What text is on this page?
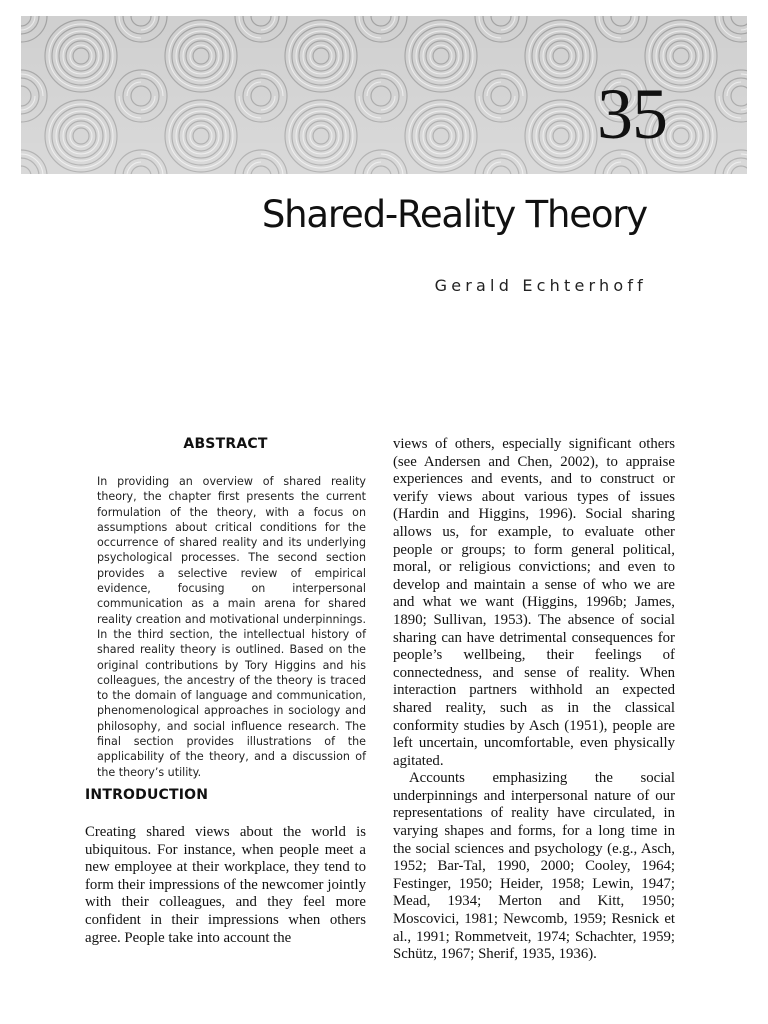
35
Shared-Reality Theory
Gerald Echterhoff
ABSTRACT

In providing an overview of shared reality theory, the chapter first presents the current formulation of the theory, with a focus on assumptions about critical conditions for the occurrence of shared reality and its underlying psychological processes. The second section provides a selective review of empirical evidence, focusing on interpersonal communication as a main arena for shared reality creation and motivational underpinnings. In the third section, the intellectual history of shared reality theory is outlined. Based on the original contributions by Tory Higgins and his colleagues, the ancestry of the theory is traced to the domain of language and communication, phenomenological approaches in sociology and philosophy, and social influence research. The final section provides illustrations of the applicability of the theory, and a discussion of the theory’s utility.

INTRODUCTION

Creating shared views about the world is ubiquitous. For instance, when people meet a new employee at their workplace, they tend to form their impressions of the newcomer jointly with their colleagues, and they feel more confident in their impressions when others agree. People take into account the

views of others, especially significant others (see Andersen and Chen, 2002), to appraise experiences and events, and to construct or verify views about various types of issues (Hardin and Higgins, 1996). Social sharing allows us, for example, to evaluate other people or groups; to form general political, moral, or religious convictions; and even to develop and maintain a sense of who we are and what we want (Higgins, 1996b; James, 1890; Sullivan, 1953). The absence of social sharing can have detrimental consequences for people’s wellbeing, their feelings of connectedness, and sense of reality. When interaction partners withhold an expected shared reality, such as in the classical conformity studies by Asch (1951), people are left uncertain, uncomfortable, even physically agitated.

Accounts emphasizing the social underpinnings and interpersonal nature of our representations of reality have circulated, in varying shapes and forms, for a long time in the social sciences and psychology (e.g., Asch, 1952; Bar-Tal, 1990, 2000; Cooley, 1964; Festinger, 1950; Heider, 1958; Lewin, 1947; Mead, 1934; Merton and Kitt, 1950; Moscovici, 1981; Newcomb, 1959; Resnick et al., 1991; Rommetveit, 1974; Schachter, 1959; Schütz, 1967; Sherif, 1935, 1936).
